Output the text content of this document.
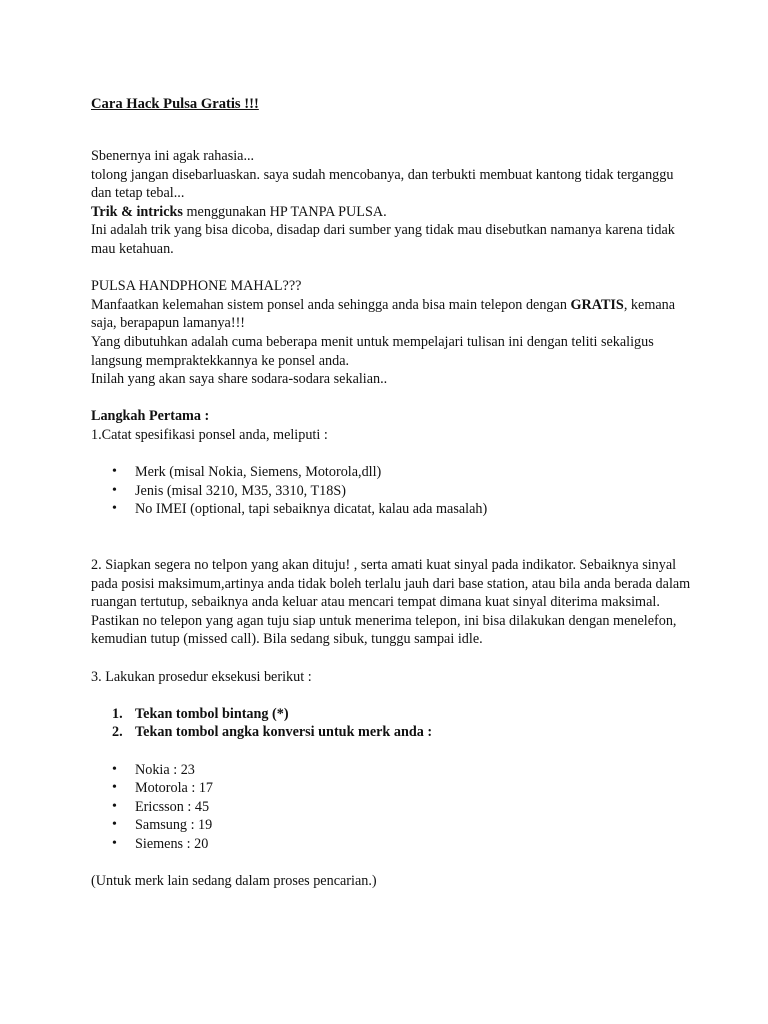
Cara Hack Pulsa Gratis !!!

Sbenernya ini agak rahasia...

tolong jangan disebarluaskan. saya sudah mencobanya, dan terbukti membuat kantong tidak terganggu dan tetap tebal...

Trik & intricks menggunakan HP TANPA PULSA.

Ini adalah trik yang bisa dicoba, disadap dari sumber yang tidak mau disebutkan namanya karena tidak mau ketahuan.

PULSA HANDPHONE MAHAL???

Manfaatkan kelemahan sistem ponsel anda sehingga anda bisa main telepon dengan GRATIS, kemana saja, berapapun lamanya!!!

Yang dibutuhkan adalah cuma beberapa menit untuk mempelajari tulisan ini dengan teliti sekaligus langsung mempraktekkannya ke ponsel anda.

Inilah yang akan saya share sodara-sodara sekalian..

Langkah Pertama :

1.Catat spesifikasi ponsel anda, meliputi :

• Merk (misal Nokia, Siemens, Motorola,dll)
• Jenis (misal 3210, M35, 3310, T18S)
• No IMEI (optional, tapi sebaiknya dicatat, kalau ada masalah)

2. Siapkan segera no telpon yang akan dituju! , serta amati kuat sinyal pada indikator. Sebaiknya sinyal pada posisi maksimum,artinya anda tidak boleh terlalu jauh dari base station, atau bila anda berada dalam ruangan tertutup, sebaiknya anda keluar atau mencari tempat dimana kuat sinyal diterima maksimal. Pastikan no telepon yang agan tuju siap untuk menerima telepon, ini bisa dilakukan dengan menelefon, kemudian tutup (missed call). Bila sedang sibuk, tunggu sampai idle.

3. Lakukan prosedur eksekusi berikut :

1. Tekan tombol bintang (*)
2. Tekan tombol angka konversi untuk merk anda :
• Nokia : 23
• Motorola : 17
• Ericsson : 45
• Samsung : 19
• Siemens : 20

(Untuk merk lain sedang dalam proses pencarian.)
